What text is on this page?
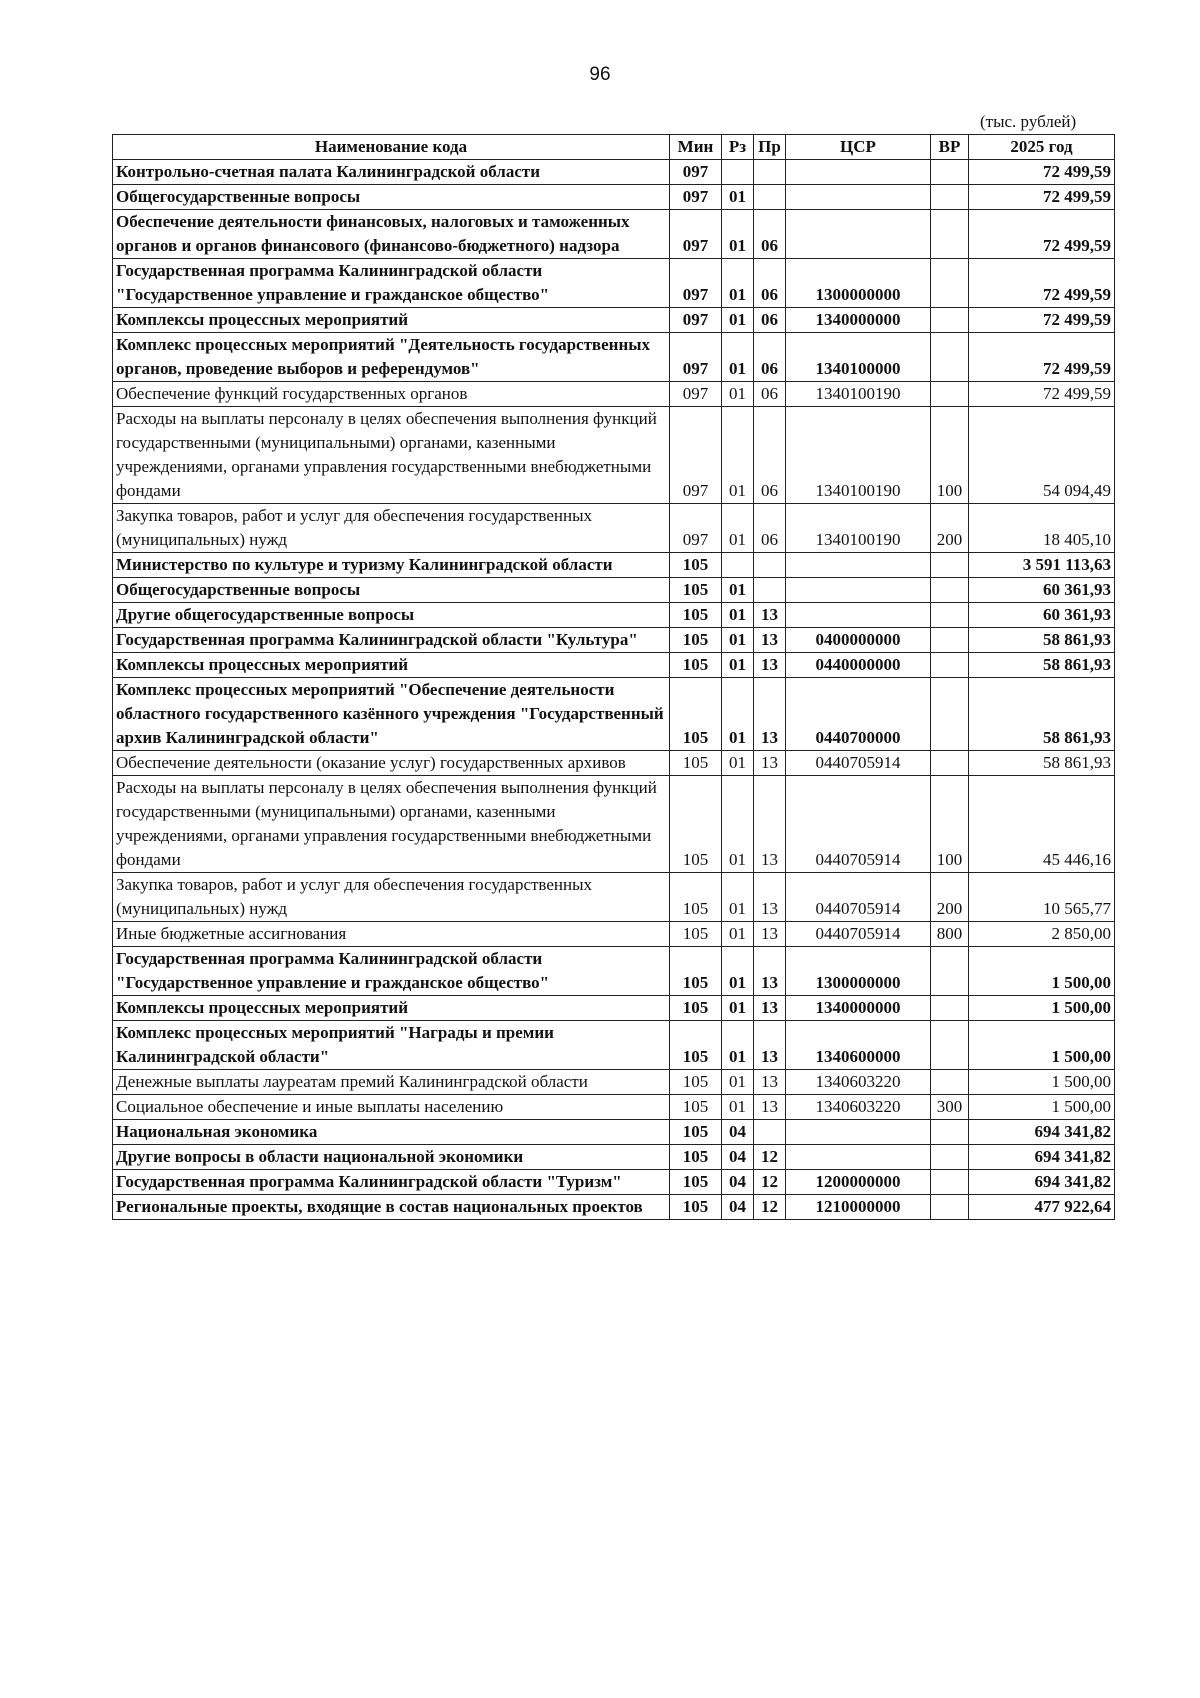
96
(тыс. рублей)
Наименование кода	Мин	Рз	Пр	ЦСР	ВР	2025 год
Контрольно-счетная палата Калининградской области	097					72 499,59
Общегосударственные вопросы	097	01				72 499,59
Обеспечение деятельности финансовых, налоговых и таможенных органов и органов финансового (финансово-бюджетного) надзора	097	01	06			72 499,59
Государственная программа Калининградской области "Государственное управление и гражданское общество"	097	01	06	1300000000		72 499,59
Комплексы процессных мероприятий	097	01	06	1340000000		72 499,59
Комплекс процессных мероприятий "Деятельность государственных органов, проведение выборов и референдумов"	097	01	06	1340100000		72 499,59
Обеспечение функций государственных органов	097	01	06	1340100190		72 499,59
Расходы на выплаты персоналу в целях обеспечения выполнения функций государственными (муниципальными) органами, казенными учреждениями, органами управления государственными внебюджетными фондами	097	01	06	1340100190	100	54 094,49
Закупка товаров, работ и услуг для обеспечения государственных (муниципальных) нужд	097	01	06	1340100190	200	18 405,10
Министерство по культуре и туризму Калининградской области	105					3 591 113,63
Общегосударственные вопросы	105	01				60 361,93
Другие общегосударственные вопросы	105	01	13			60 361,93
Государственная программа Калининградской области "Культура"	105	01	13	0400000000		58 861,93
Комплексы процессных мероприятий	105	01	13	0440000000		58 861,93
Комплекс процессных мероприятий "Обеспечение деятельности областного государственного казённого учреждения "Государственный архив Калининградской области"	105	01	13	0440700000		58 861,93
Обеспечение деятельности (оказание услуг) государственных архивов	105	01	13	0440705914		58 861,93
Расходы на выплаты персоналу в целях обеспечения выполнения функций государственными (муниципальными) органами, казенными учреждениями, органами управления государственными внебюджетными фондами	105	01	13	0440705914	100	45 446,16
Закупка товаров, работ и услуг для обеспечения государственных (муниципальных) нужд	105	01	13	0440705914	200	10 565,77
Иные бюджетные ассигнования	105	01	13	0440705914	800	2 850,00
Государственная программа Калининградской области "Государственное управление и гражданское общество"	105	01	13	1300000000		1 500,00
Комплексы процессных мероприятий	105	01	13	1340000000		1 500,00
Комплекс процессных мероприятий "Награды и премии Калининградской области"	105	01	13	1340600000		1 500,00
Денежные выплаты лауреатам премий Калининградской области	105	01	13	1340603220		1 500,00
Социальное обеспечение и иные выплаты населению	105	01	13	1340603220	300	1 500,00
Национальная экономика	105	04				694 341,82
Другие вопросы в области национальной экономики	105	04	12			694 341,82
Государственная программа Калининградской области "Туризм"	105	04	12	1200000000		694 341,82
Региональные проекты, входящие в состав национальных проектов	105	04	12	1210000000		477 922,64
